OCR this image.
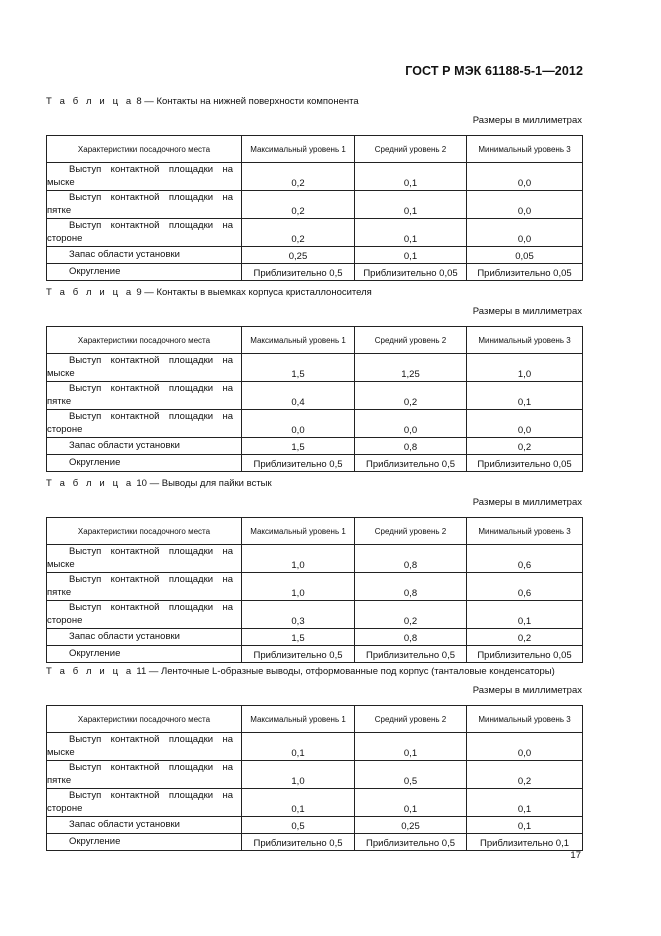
ГОСТ Р МЭК 61188-5-1—2012
Т а б л и ц а 8 — Контакты на нижней поверхности компонента
Размеры в миллиметрах
Характеристики посадочного места	Максимальный уровень 1	Средний уровень 2	Минимальный уровень 3

Выступ контактной площадки на
мыске	0,2	0,1	0,0

Выступ контактной площадки на
пятке	0,2	0,1	0,0

Выступ контактной площадки на
стороне	0,2	0,1	0,0

Запас области установки	0,25	0,1	0,05

Округление	Приблизительно 0,5	Приблизительно 0,05	Приблизительно 0,05
Т а б л и ц а 9 — Контакты в выемках корпуса кристаллоносителя
Размеры в миллиметрах
Характеристики посадочного места	Максимальный уровень 1	Средний уровень 2	Минимальный уровень 3

Выступ контактной площадки на
мыске	1,5	1,25	1,0

Выступ контактной площадки на
пятке	0,4	0,2	0,1

Выступ контактной площадки на
стороне	0,0	0,0	0,0

Запас области установки	1,5	0,8	0,2

Округление	Приблизительно 0,5	Приблизительно 0,5	Приблизительно 0,05
Т а б л и ц а 10 — Выводы для пайки встык
Размеры в миллиметрах
Характеристики посадочного места	Максимальный уровень 1	Средний уровень 2	Минимальный уровень 3

Выступ контактной площадки на
мыске	1,0	0,8	0,6

Выступ контактной площадки на
пятке	1,0	0,8	0,6

Выступ контактной площадки на
стороне	0,3	0,2	0,1

Запас области установки	1,5	0,8	0,2

Округление	Приблизительно 0,5	Приблизительно 0,5	Приблизительно 0,05
Т а б л и ц а 11 — Ленточные L-образные выводы, отформованные под корпус (танталовые конденсаторы)
Размеры в миллиметрах
Характеристики посадочного места	Максимальный уровень 1	Средний уровень 2	Минимальный уровень 3

Выступ контактной площадки на
мыске	0,1	0,1	0,0

Выступ контактной площадки на
пятке	1,0	0,5	0,2

Выступ контактной площадки на
стороне	0,1	0,1	0,1

Запас области установки	0,5	0,25	0,1

Округление	Приблизительно 0,5	Приблизительно 0,5	Приблизительно 0,1
17
